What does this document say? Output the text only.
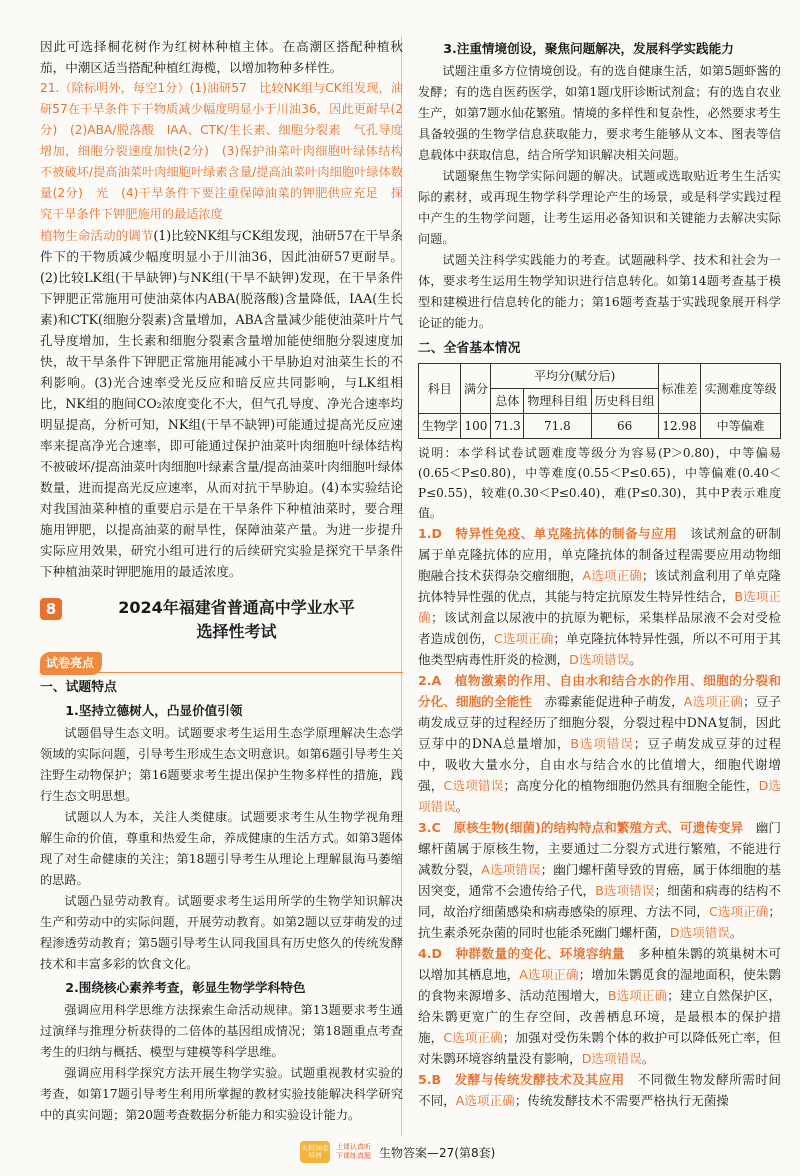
因此可选择桐花树作为红树林种植主体。在高潮区搭配种植秋茄，中潮区适当搭配种植红海榄，以增加物种多样性。

21.（除标明外，每空1分）(1)油研57　比较NK组与CK组发现，油研57在干旱条件下干物质减少幅度明显小于川油36，因此更耐旱(2分)　(2)ABA/脱落酸　IAA、CTK/生长素、细胞分裂素　气孔导度增加，细胞分裂速度加快(2分)　(3)保护油菜叶肉细胞叶绿体结构不被破坏/提高油菜叶肉细胞叶绿素含量/提高油菜叶肉细胞叶绿体数量(2分)　光　(4)干旱条件下要注重保障油菜的钾肥供应充足　探究干旱条件下钾肥施用的最适浓度

植物生命活动的调节(1)比较NK组与CK组发现，油研57在干旱条件下的干物质减少幅度明显小于川油36，因此油研57更耐旱。(2)比较LK组(干旱缺钾)与NK组(干旱不缺钾)发现，在干旱条件下钾肥正常施用可使油菜体内ABA(脱落酸)含量降低，IAA(生长素)和CTK(细胞分裂素)含量增加，ABA含量减少能使油菜叶片气孔导度增加，生长素和细胞分裂素含量增加能使细胞分裂速度加快，故干旱条件下钾肥正常施用能减小干旱胁迫对油菜生长的不利影响。(3)光合速率受光反应和暗反应共同影响，与LK组相比，NK组的胞间CO₂浓度变化不大，但气孔导度、净光合速率均明显提高，分析可知，NK组(干旱不缺钾)可能通过提高光反应速率来提高净光合速率，即可能通过保护油菜叶肉细胞叶绿体结构不被破坏/提高油菜叶肉细胞叶绿素含量/提高油菜叶肉细胞叶绿体数量，进而提高光反应速率，从而对抗干旱胁迫。(4)本实验结论对我国油菜种植的重要启示是在干旱条件下种植油菜时，要合理施用钾肥，以提高油菜的耐旱性，保障油菜产量。为进一步提升实际应用效果，研究小组可进行的后续研究实验是探究干旱条件下种植油菜时钾肥施用的最适浓度。

8	2024年福建省普通高中学业水平
选择性考试
试卷亮点

一、试题特点

1.坚持立德树人，凸显价值引领

试题倡导生态文明。试题要求考生运用生态学原理解决生态学领域的实际问题，引导考生形成生态文明意识。如第6题引导考生关注野生动物保护；第16题要求考生提出保护生物多样性的措施，践行生态文明思想。

试题以人为本，关注人类健康。试题要求考生从生物学视角理解生命的价值，尊重和热爱生命，养成健康的生活方式。如第3题体现了对生命健康的关注；第18题引导考生从理论上理解鼠海马萎缩的思路。

试题凸显劳动教育。试题要求考生运用所学的生物学知识解决生产和劳动中的实际问题，开展劳动教育。如第2题以豆芽萌发的过程渗透劳动教育；第5题引导考生认同我国具有历史悠久的传统发酵技术和丰富多彩的饮食文化。

2.围绕核心素养考查，彰显生物学学科特色

强调应用科学思维方法探索生命活动规律。第13题要求考生通过演绎与推理分析获得的二倍体的基因组成情况；第18题重点考查考生的归纳与概括、模型与建模等科学思维。

强调应用科学探究方法开展生物学实验。试题重视教材实验的考查，如第17题引导考生利用所掌握的教材实验技能解决科学研究中的真实问题；第20题考查数据分析能力和实验设计能力。

3.注重情境创设，聚焦问题解决，发展科学实践能力

试题注重多方位情境创设。有的选自健康生活，如第5题虾酱的发酵；有的选自医药医学，如第1题戊肝诊断试剂盒；有的选自农业生产，如第7题水仙花繁殖。情境的多样性和复杂性，必然要求考生具备较强的生物学信息获取能力，要求考生能够从文本、图表等信息载体中获取信息，结合所学知识解决相关问题。

试题聚焦生物学实际问题的解决。试题或选取贴近考生生活实际的素材，或再现生物学科学理论产生的场景，或是科学实践过程中产生的生物学问题，让考生运用必备知识和关键能力去解决实际问题。

试题关注科学实践能力的考查。试题融科学、技术和社会为一体，要求考生运用生物学知识进行信息转化。如第14题考查基于模型和建模进行信息转化的能力；第16题考查基于实践现象展开科学论证的能力。

二、全省基本情况

科目	满分	平均分(赋分后)			标准差	实测难度等级
		总体	物理科目组	历史科目组		
生物学	100	71.3	71.8	66	12.98	中等偏难

说明：本学科试卷试题难度等级分为容易(P＞0.80)，中等偏易(0.65＜P≤0.80)，中等难度(0.55＜P≤0.65)，中等偏难(0.40＜P≤0.55)，较难(0.30＜P≤0.40)，难(P≤0.30)，其中P表示难度值。

1.D　特异性免疫、单克隆抗体的制备与应用　 该试剂盒的研制属于单克隆抗体的应用，单克隆抗体的制备过程需要应用动物细胞融合技术获得杂交瘤细胞，A选项正确；该试剂盒利用了单克隆抗体特异性强的优点，其能与特定抗原发生特异性结合，B选项正确；该试剂盒以尿液中的抗原为靶标，采集样品尿液不会对受检者造成创伤，C选项正确；单克隆抗体特异性强，所以不可用于其他类型病毒性肝炎的检测，D选项错误。

2.A　植物激素的作用、自由水和结合水的作用、细胞的分裂和分化、细胞的全能性　 赤霉素能促进种子萌发，A选项正确；豆子萌发成豆芽的过程经历了细胞分裂，分裂过程中DNA复制，因此豆芽中的DNA总量增加，B选项错误；豆子萌发成豆芽的过程中，吸收大量水分，自由水与结合水的比值增大，细胞代谢增强，C选项错误；高度分化的植物细胞仍然具有细胞全能性，D选项错误。

3.C　原核生物(细菌)的结构特点和繁殖方式、可遗传变异　 幽门螺杆菌属于原核生物，主要通过二分裂方式进行繁殖，不能进行减数分裂，A选项错误；幽门螺杆菌导致的胃癌，属于体细胞的基因突变，通常不会遗传给子代，B选项错误；细菌和病毒的结构不同，故治疗细菌感染和病毒感染的原理、方法不同，C选项正确；抗生素杀死杂菌的同时也能杀死幽门螺杆菌，D选项错误。

4.D　种群数量的变化、环境容纳量　 多种植朱鹮的筑巢树木可以增加其栖息地，A选项正确；增加朱鹮觅食的湿地面积，使朱鹮的食物来源增多、活动范围增大，B选项正确；建立自然保护区，给朱鹮更宽广的生存空间，改善栖息环境，是最根本的保护措施，C选项正确；加强对受伤朱鹮个体的救护可以降低死亡率，但对朱鹮环境容纳量没有影响，D选项错误。

5.B　发酵与传统发酵技术及其应用　 不同微生物发酵所需时间不同，A选项正确；传统发酵技术不需要严格执行无菌操

天利38套
原创
上课认真听
下课练真题 生物答案—27(第8套)
